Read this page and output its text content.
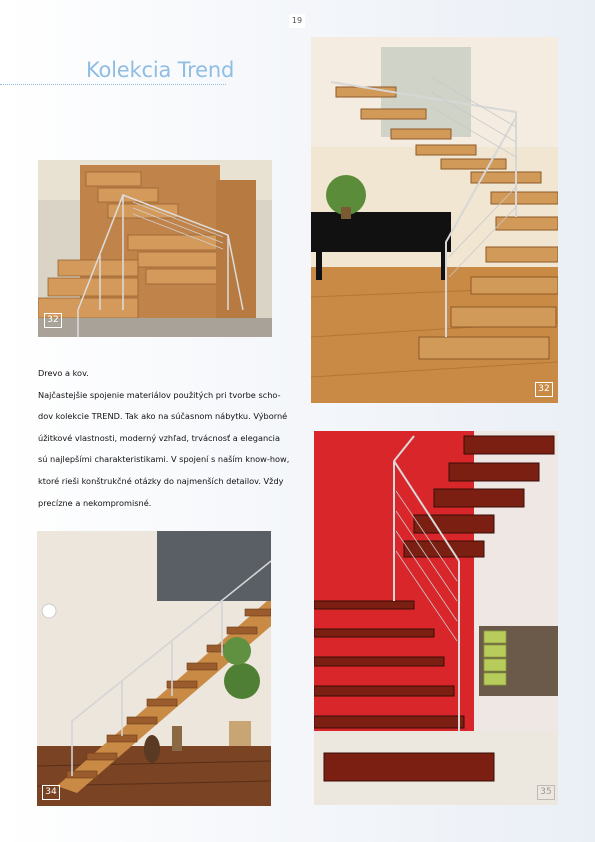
19
Kolekcia Trend
32
32
Drevo a kov.
Najčastejšie spojenie materiálov použitých pri tvorbe scho-
dov kolekcie TREND. Tak ako na súčasnom nábytku. Výborné
úžitkové vlastnosti, moderný vzhľad, trvácnosť a elegancia
sú najlepšími charakteristikami. V spojení s naším know-how,
ktoré rieši konštrukčné otázky do najmenších detailov. Vždy
precízne a nekompromisné.
34	35
